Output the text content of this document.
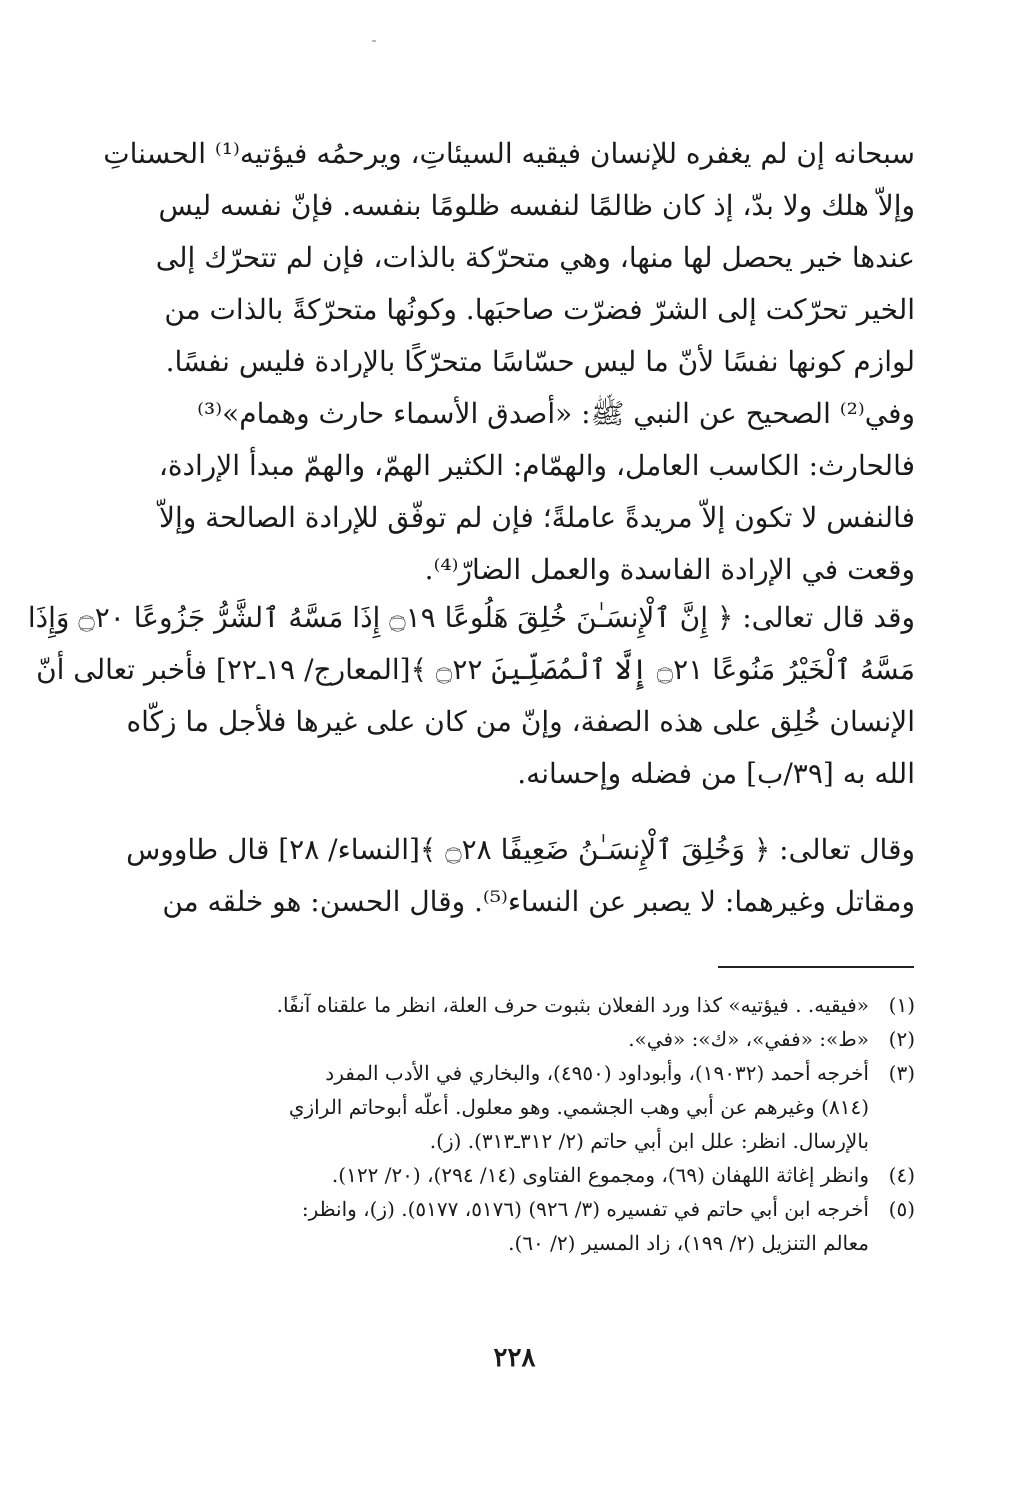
سبحانه إن لم يغفره للإنسان فيقيه السيئاتِ، ويرحمُه فيؤتيه⁽¹⁾ الحسناتِ
وإلاّ هلك ولا بدّ، إذ كان ظالمًا لنفسه ظلومًا بنفسه. فإنّ نفسه ليس
عندها خير يحصل لها منها، وهي متحرّكة بالذات، فإن لم تتحرّك إلى
الخير تحرّكت إلى الشرّ فضرّت صاحبَها. وكونُها متحرّكةً بالذات من
لوازم كونها نفسًا لأنّ ما ليس حسّاسًا متحرّكًا بالإرادة فليس نفسًا.
وفي⁽²⁾ الصحيح عن النبي ﷺ: «أصدق الأسماء حارث وهمام»⁽³⁾
فالحارث: الكاسب العامل، والهمّام: الكثير الهمّ، والهمّ مبدأ الإرادة،
فالنفس لا تكون إلاّ مريدةً عاملةً؛ فإن لم توفّق للإرادة الصالحة وإلاّ
وقعت في الإرادة الفاسدة والعمل الضارّ⁽⁴⁾.
وقد قال تعالى: ﴿ إِنَّ ٱلْإِنسَـٰنَ خُلِقَ هَلُوعًا ۝١٩ إِذَا مَسَّهُ ٱلشَّرُّ جَزُوعًا ۝٢٠ وَإِذَا
مَسَّهُ ٱلْخَيْرُ مَنُوعًا ۝٢١ إِلَّا ٱلْمُصَلِّينَ ۝٢٢ ﴾[المعارج/ ١٩ـ٢٢] فأخبر تعالى أنّ
الإنسان خُلِق على هذه الصفة، وإنّ من كان على غيرها فلأجل ما زكّاه
الله به [٣٩/ب] من فضله وإحسانه.
وقال تعالى: ﴿ وَخُلِقَ ٱلْإِنسَـٰنُ ضَعِيفًا ۝٢٨ ﴾[النساء/ ٢٨] قال طاووس
ومقاتل وغيرهما: لا يصبر عن النساء⁽⁵⁾. وقال الحسن: هو خلقه من
(١)
«فيقيه. . فيؤتيه» كذا ورد الفعلان بثبوت حرف العلة، انظر ما علقناه آنفًا.
(٢)
«ط»: «ففي»، «ك»: «في».
(٣)
أخرجه أحمد (١٩٠٣٢)، وأبوداود (٤٩٥٠)، والبخاري في الأدب المفرد
(٨١٤) وغيرهم عن أبي وهب الجشمي. وهو معلول. أعلّه أبوحاتم الرازي
بالإرسال. انظر: علل ابن أبي حاتم (٢/ ٣١٢ـ٣١٣). (ز).
(٤)
وانظر إغاثة اللهفان (٦٩)، ومجموع الفتاوى (١٤/ ٢٩٤)، (٢٠/ ١٢٢).
(٥)
أخرجه ابن أبي حاتم في تفسيره (٣/ ٩٢٦) (٥١٧٦، ٥١٧٧). (ز)، وانظر:
معالم التنزيل (٢/ ١٩٩)، زاد المسير (٢/ ٦٠).
٢٢٨
